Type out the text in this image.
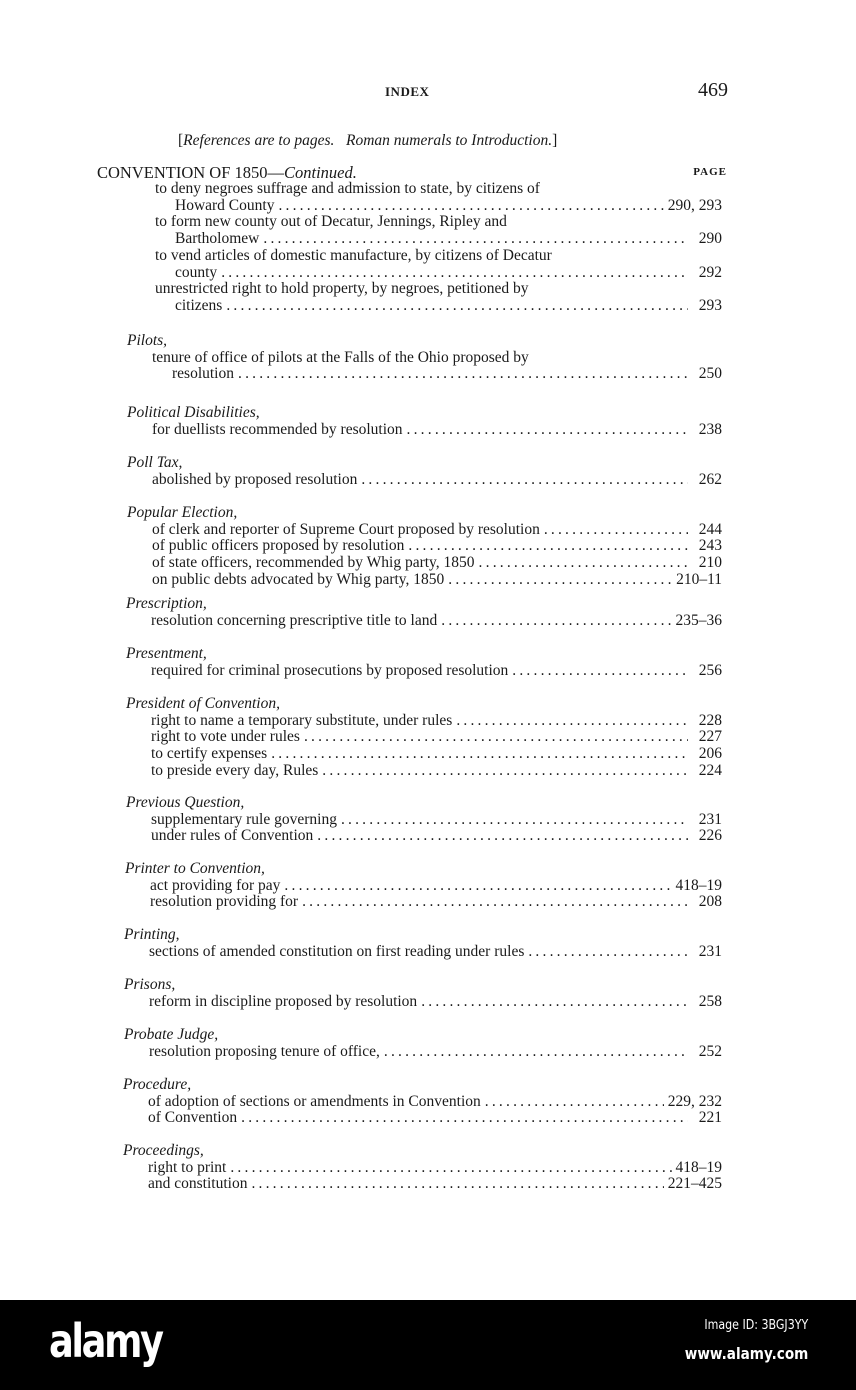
INDEX	469
[References are to pages. Roman numerals to Introduction.]
CONVENTION OF 1850—Continued.	PAGE
to deny negroes suffrage and admission to state, by citizens of
Howard County .....	290, 293
to form new county out of Decatur, Jennings, Ripley and
Bartholomew .....	290
to vend articles of domestic manufacture, by citizens of Decatur
county .....	292
unrestricted right to hold property, by negroes, petitioned by
citizens .....	293
Pilots,
tenure of office of pilots at the Falls of the Ohio proposed by
resolution .....	250
Political Disabilities,
for duellists recommended by resolution .....	238
Poll Tax,
abolished by proposed resolution .....	262
Popular Election,
of clerk and reporter of Supreme Court proposed by resolution .....	244
of public officers proposed by resolution .....	243
of state officers, recommended by Whig party, 1850 .....	210
on public debts advocated by Whig party, 1850 .....	210–11
Prescription,
resolution concerning prescriptive title to land .....	235–36
Presentment,
required for criminal prosecutions by proposed resolution .....	256
President of Convention,
right to name a temporary substitute, under rules .....	228
right to vote under rules .....	227
to certify expenses .....	206
to preside every day, Rules .....	224
Previous Question,
supplementary rule governing .....	231
under rules of Convention .....	226
Printer to Convention,
act providing for pay .....	418–19
resolution providing for .....	208
Printing,
sections of amended constitution on first reading under rules .....	231
Prisons,
reform in discipline proposed by resolution .....	258
Probate Judge,
resolution proposing tenure of office, .....	252
Procedure,
of adoption of sections or amendments in Convention .....	229, 232
of Convention .....	221
Proceedings,
right to print .....	418–19
and constitution .....	221–425
alamy	Image ID: 3BGJ3YY
www.alamy.com
